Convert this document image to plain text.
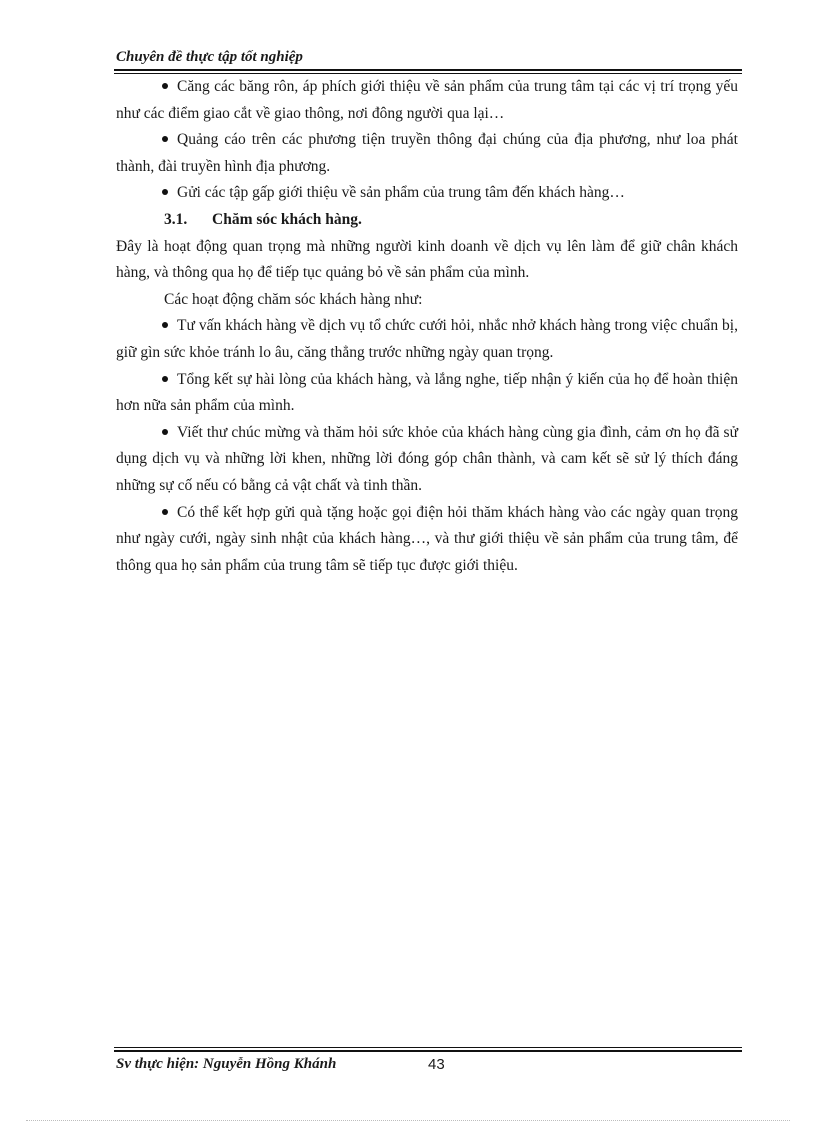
Chuyên đề thực tập tốt nghiệp

Căng các băng rôn, áp phích giới thiệu về sản phẩm của trung tâm tại các vị trí trọng yếu như các điểm giao cắt về giao thông, nơi đông người qua lại…

Quảng cáo trên các phương tiện truyền thông đại chúng của địa phương, như loa phát thành, đài truyền hình địa phương.

Gửi các tập gấp giới thiệu về sản phẩm của trung tâm đến khách hàng…

3.1. Chăm sóc khách hàng.

Đây là hoạt động quan trọng mà những người kinh doanh về dịch vụ lên làm để giữ chân khách hàng, và thông qua họ để tiếp tục quảng bỏ về sản phẩm của mình.

Các hoạt động chăm sóc khách hàng như:

Tư vấn khách hàng về dịch vụ tổ chức cưới hỏi, nhắc nhở khách hàng trong việc chuẩn bị, giữ gìn sức khỏe tránh lo âu, căng thẳng trước những ngày quan trọng.

Tổng kết sự hài lòng của khách hàng, và lắng nghe, tiếp nhận ý kiến của họ để hoàn thiện hơn nữa sản phẩm của mình.

Viết thư chúc mừng và thăm hỏi sức khỏe của khách hàng cùng gia đình, cảm ơn họ đã sử dụng dịch vụ và những lời khen, những lời đóng góp chân thành, và cam kết sẽ sử lý thích đáng những sự cố nếu có bằng cả vật chất và tinh thần.

Có thể kết hợp gửi quà tặng hoặc gọi điện hỏi thăm khách hàng vào các ngày quan trọng như ngày cưới, ngày sinh nhật của khách hàng…, và thư giới thiệu về sản phẩm của trung tâm, để thông qua họ sản phẩm của trung tâm sẽ tiếp tục được giới thiệu.

Sv thực hiện: Nguyễn Hồng Khánh	43
